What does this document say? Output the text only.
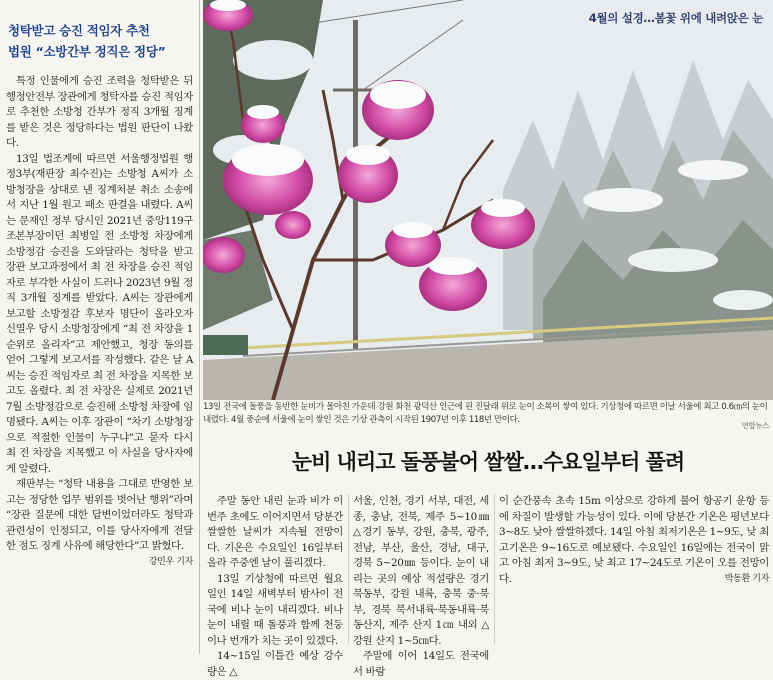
청탁받고 승진 적임자 추천
법원 “소방간부 정직은 정당”

특정 인물에게 승진 조력을 청탁받은 뒤 행정안전부 장관에게 청탁자를 승진 적임자로 추천한 소방청 간부가 정직 3개월 징계를 받은 것은 정당하다는 법원 판단이 나왔다.

13일 법조계에 따르면 서울행정법원 행정3부(재판장 최수진)는 소방청 A씨가 소방청장을 상대로 낸 징계처분 취소 소송에서 지난 1월 원고 패소 판결을 내렸다. A씨는 문재인 정부 당시인 2021년 중앙119구조본부장이던 최병일 전 소방청 차장에게 소방정감 승진을 도와달라는 청탁을 받고 장관 보고과정에서 최 전 차장을 승진 적임자로 부각한 사실이 드러나 2023년 9월 정직 3개월 징계를 받았다. A씨는 장관에게 보고할 소방정감 후보자 명단이 올라오자 신열우 당시 소방청장에게 “최 전 차장을 1순위로 올리자”고 제안했고, 청장 동의를 얻어 그렇게 보고서를 작성했다. 같은 날 A씨는 승진 적임자로 최 전 차장을 지목한 보고도 올렸다. 최 전 차장은 실제로 2021년 7월 소방정감으로 승진해 소방청 차장에 임명됐다. A씨는 이후 장관이 “차기 소방청장으로 적절한 인물이 누구냐”고 묻자 다시 최 전 차장을 지목했고 이 사실을 당사자에게 알렸다.

재판부는 “청탁 내용을 그대로 반영한 보고는 정당한 업무 범위를 벗어난 행위”라며 “장관 질문에 대한 답변이었더라도 청탁과 관련성이 인정되고, 이를 당사자에게 전달한 점도 징계 사유에 해당한다”고 밝혔다.
강민우 기자

4월의 설경…봄꽃 위에 내려앉은 눈
13일 전국에 돌풍을 동반한 눈비가 몰아친 가운데 강원 화천 광덕산 인근에 핀 진달래 위로 눈이 소복이 쌓여 있다. 기상청에 따르면 이날 서울에 최고 0.6㎝의 눈이 내렸다. 4월 중순에 서울에 눈이 쌓인 것은 기상 관측이 시작된 1907년 이후 118년 만이다.
연합뉴스
눈비 내리고 돌풍불어 쌀쌀…수요일부터 풀려

주말 동안 내린 눈과 비가 이번주 초에도 이어지면서 당분간 쌀쌀한 날씨가 지속될 전망이다. 기온은 수요일인 16일부터 올라 주중엔 날이 풀리겠다.

13일 기상청에 따르면 월요일인 14일 새벽부터 밤사이 전국에 비나 눈이 내리겠다. 비나 눈이 내릴 때 돌풍과 함께 천둥이나 번개가 치는 곳이 있겠다.

14~15일 이틀간 예상 강수량은 △

서울, 인천, 경기 서부, 대전, 세종, 충남, 전북, 제주 5~10㎜ △경기 동부, 강원, 충북, 광주, 전남, 부산, 울산, 경남, 대구, 경북 5~20㎜ 등이다. 눈이 내리는 곳의 예상 적설량은 경기 북동부, 강원 내륙, 충북 중·북부, 경북 북서내륙·북동내륙·북동산지, 제주 산지 1㎝ 내외 △강원 산지 1~5㎝다.

주말에 이어 14일도 전국에서 바람

이 순간풍속 초속 15m 이상으로 강하게 불어 항공기 운항 등에 차질이 발생할 가능성이 있다. 이에 당분간 기온은 평년보다 3~8도 낮아 쌀쌀하겠다. 14일 아침 최저기온은 1~9도, 낮 최고기온은 9~16도로 예보됐다. 수요일인 16일에는 전국이 맑고 아침 최저 3~9도, 낮 최고 17~24도로 기온이 오를 전망이다.	박동환 기자
